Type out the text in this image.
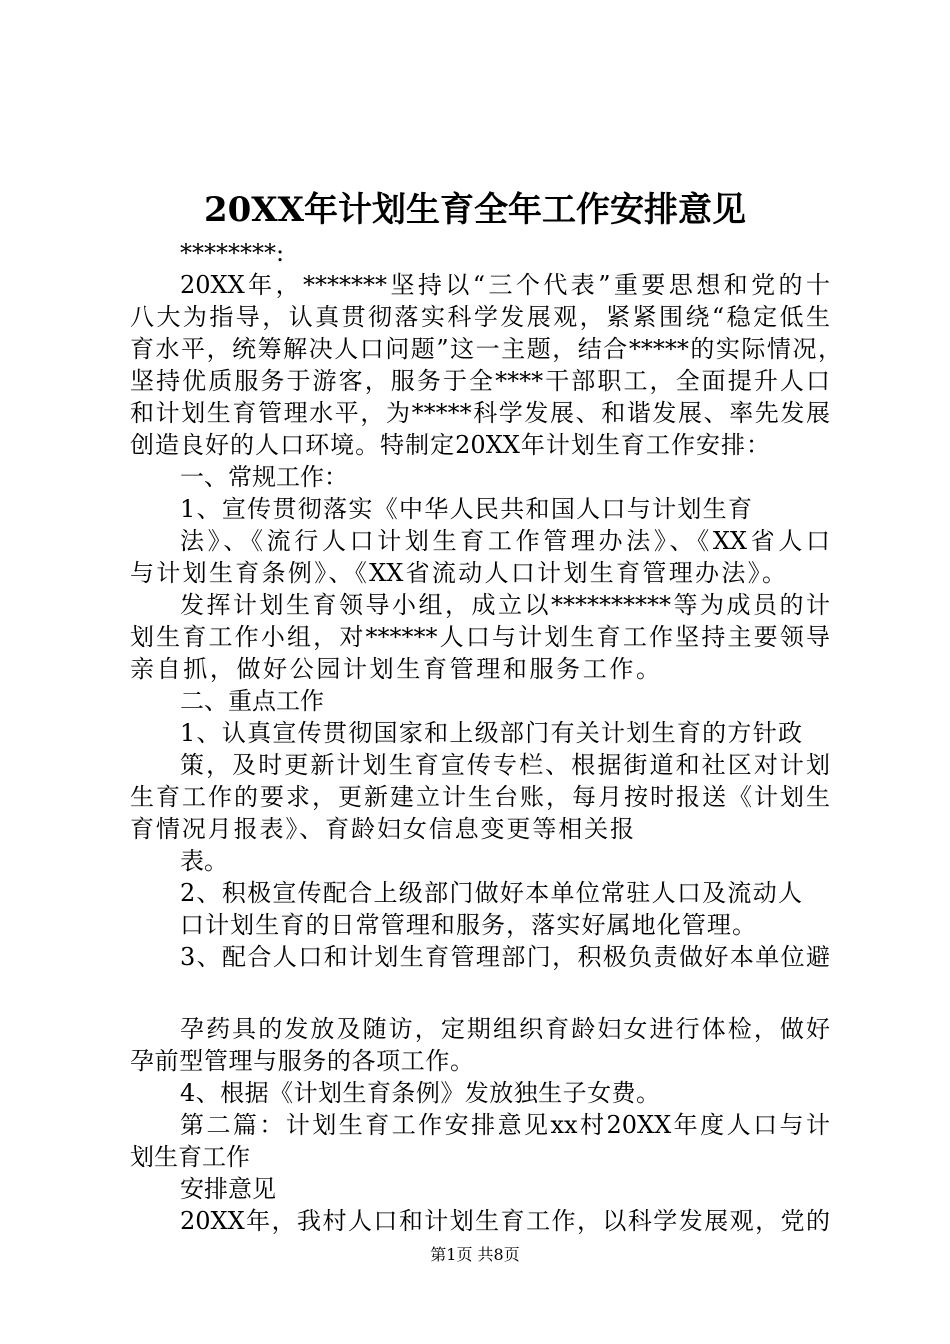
20XX年计划生育全年工作安排意见
********:
20XX年，*******坚持以“三个代表”重要思想和党的十
八大为指导，认真贯彻落实科学发展观，紧紧围绕“稳定低生
育水平，统筹解决人口问题”这一主题，结合*****的实际情况，
坚持优质服务于游客，服务于全****干部职工，全面提升人口
和计划生育管理水平，为*****科学发展、和谐发展、率先发展
创造良好的人口环境。特制定20XX年计划生育工作安排：
一、常规工作：
1、宣传贯彻落实《中华人民共和国人口与计划生育
法》、《流行人口计划生育工作管理办法》、《XX省人口
与计划生育条例》、《XX省流动人口计划生育管理办法》。
发挥计划生育领导小组，成立以**********等为成员的计
划生育工作小组，对******人口与计划生育工作坚持主要领导
亲自抓，做好公园计划生育管理和服务工作。
二、重点工作
1、认真宣传贯彻国家和上级部门有关计划生育的方针政
策，及时更新计划生育宣传专栏、根据街道和社区对计划
生育工作的要求，更新建立计生台账，每月按时报送《计划生
育情况月报表》、育龄妇女信息变更等相关报
表。
2、积极宣传配合上级部门做好本单位常驻人口及流动人
口计划生育的日常管理和服务，落实好属地化管理。
3、配合人口和计划生育管理部门，积极负责做好本单位避
孕药具的发放及随访，定期组织育龄妇女进行体检，做好
孕前型管理与服务的各项工作。
4、根据《计划生育条例》发放独生子女费。
第二篇：计划生育工作安排意见xx村20XX年度人口与计
划生育工作
安排意见
20XX年，我村人口和计划生育工作，以科学发展观，党的
第1页 共8页
